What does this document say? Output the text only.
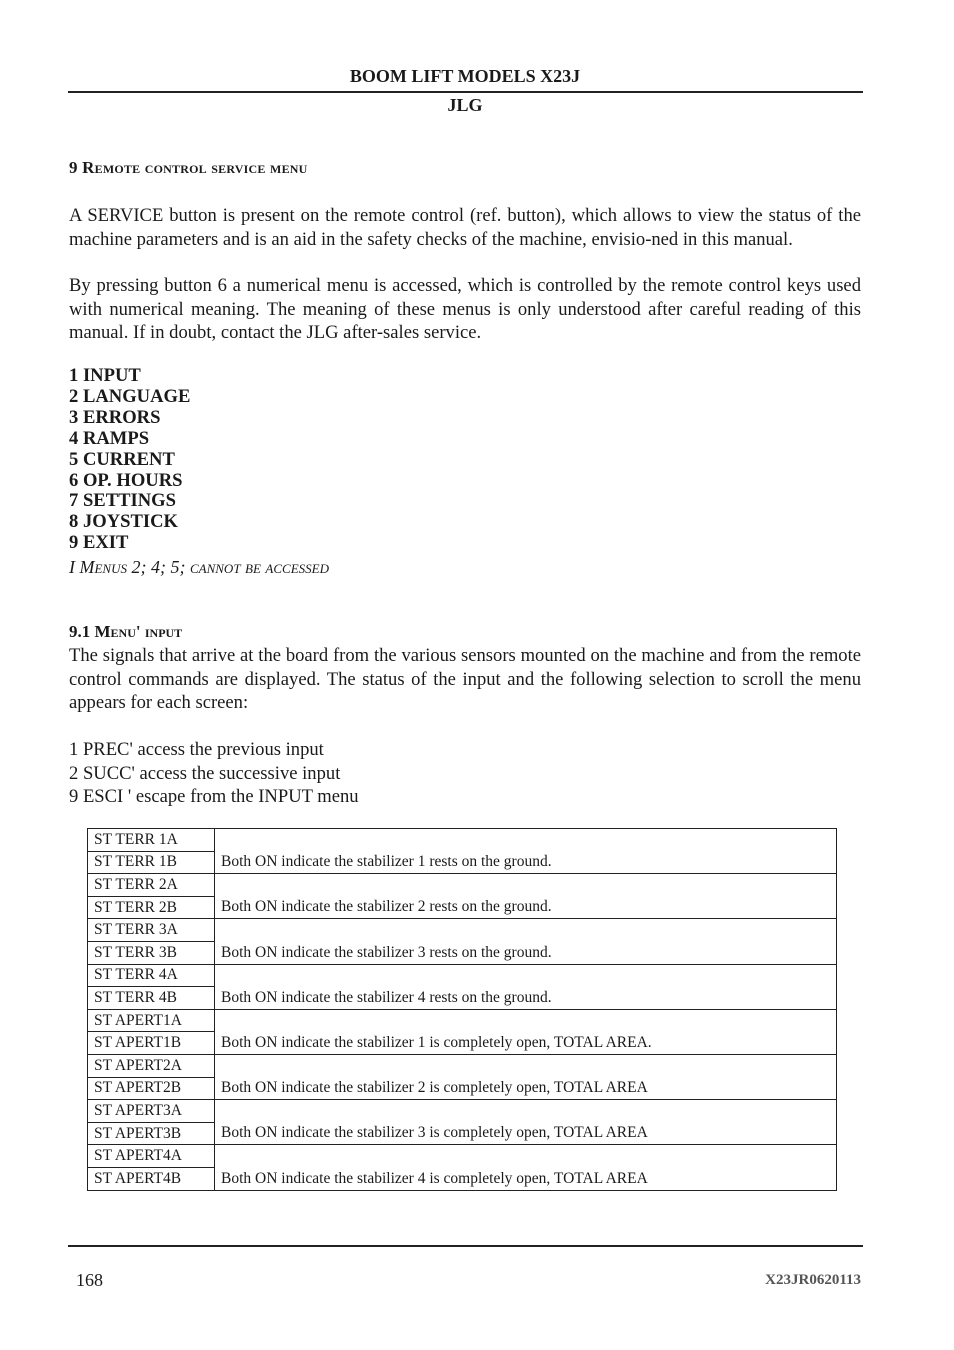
BOOM LIFT MODELS X23J
JLG
9 Remote control service menu
A SERVICE button is present on the remote control (ref. button), which allows to view the status of the machine parameters and is an aid in the safety checks of the machine, envisio-ned in this manual.
By pressing button 6 a numerical menu is accessed, which is controlled by the remote control keys used with numerical meaning. The meaning of these menus is only understood after careful reading of this manual. If in doubt, contact the JLG after-sales service.
1 INPUT
2 LANGUAGE
3 ERRORS
4 RAMPS
5 CURRENT
6 OP. HOURS
7 SETTINGS
8 JOYSTICK
9 EXIT
I Menus 2; 4; 5; cannot be accessed
9.1 Menu' input
The signals that arrive at the board from the various sensors mounted on the machine and from the remote control commands are displayed. The status of the input and the following selection to scroll the menu appears for each screen:
1 PREC' access the previous input
2 SUCC' access the successive input
9 ESCI ' escape from the INPUT menu
ST TERR 1A	Both ON indicate the stabilizer 1 rests on the ground.
ST TERR 1B	
ST TERR 2A	Both ON indicate the stabilizer 2 rests on the ground.
ST TERR 2B	
ST TERR 3A	Both ON indicate the stabilizer 3 rests on the ground.
ST TERR 3B	
ST TERR 4A	Both ON indicate the stabilizer 4 rests on the ground.
ST TERR 4B	
ST APERT1A	Both ON indicate the stabilizer 1 is completely open, TOTAL AREA.
ST APERT1B	
ST APERT2A	Both ON indicate the stabilizer 2 is completely open, TOTAL AREA
ST APERT2B	
ST APERT3A	Both ON indicate the stabilizer 3 is completely open, TOTAL AREA
ST APERT3B	
ST APERT4A	Both ON indicate the stabilizer 4 is completely open, TOTAL AREA
ST APERT4B	
168	X23JR0620113
